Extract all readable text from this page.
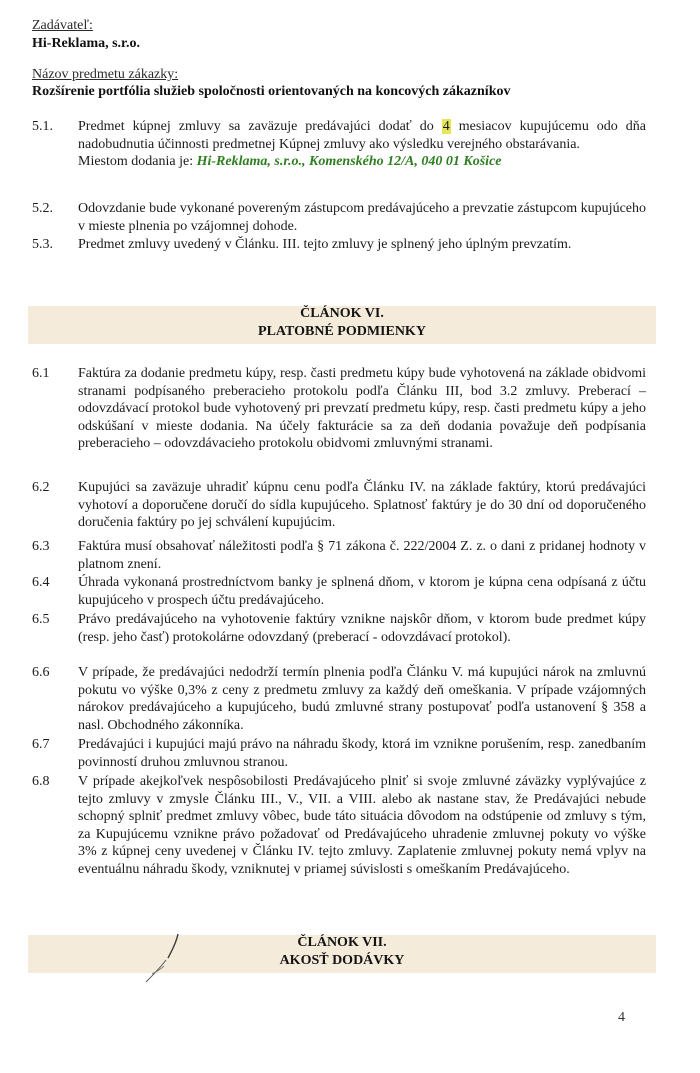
Zadávateľ:
Hi-Reklama, s.r.o.
Názov predmetu zákazky:
Rozšírenie portfólia služieb spoločnosti orientovaných na koncových zákazníkov
5.1.	Predmet kúpnej zmluvy sa zaväzuje predávajúci dodať do 4 mesiacov kupujúcemu odo dňa nadobudnutia účinnosti predmetnej Kúpnej zmluvy ako výsledku verejného obstarávania.

Miestom dodania je: Hi-Reklama, s.r.o., Komenského 12/A, 040 01 Košice

5.2.	Odovzdanie bude vykonané povereným zástupcom predávajúceho a prevzatie zástupcom kupujúceho v mieste plnenia po vzájomnej dohode.
5.3.	Predmet zmluvy uvedený v Článku. III. tejto zmluvy je splnený jeho úplným prevzatím.
ČLÁNOK VI.
PLATOBNÉ PODMIENKY
6.1	Faktúra za dodanie predmetu kúpy, resp. časti predmetu kúpy bude vyhotovená na základe obidvomi stranami podpísaného preberacieho protokolu podľa Článku III, bod 3.2 zmluvy. Preberací – odovzdávací protokol bude vyhotovený pri prevzatí predmetu kúpy, resp. časti predmetu kúpy a jeho odskúšaní v mieste dodania. Na účely fakturácie sa za deň dodania považuje deň podpísania preberacieho – odovzdávacieho protokolu obidvomi zmluvnými stranami.
6.2	Kupujúci sa zaväzuje uhradiť kúpnu cenu podľa Článku IV. na základe faktúry, ktorú predávajúci vyhotoví a doporučene doručí do sídla kupujúceho. Splatnosť faktúry je do 30 dní od doporučeného doručenia faktúry po jej schválení kupujúcim.
6.3	Faktúra musí obsahovať náležitosti podľa § 71 zákona č. 222/2004 Z. z. o dani z pridanej hodnoty v platnom znení.
6.4	Úhrada vykonaná prostredníctvom banky je splnená dňom, v ktorom je kúpna cena odpísaná z účtu kupujúceho v prospech účtu predávajúceho.
6.5	Právo predávajúceho na vyhotovenie faktúry vznikne najskôr dňom, v ktorom bude predmet kúpy (resp. jeho časť) protokolárne odovzdaný (preberací - odovzdávací protokol).
6.6	V prípade, že predávajúci nedodrží termín plnenia podľa Článku V. má kupujúci nárok na zmluvnú pokutu vo výške 0,3% z ceny z predmetu zmluvy za každý deň omeškania. V prípade vzájomných nárokov predávajúceho a kupujúceho, budú zmluvné strany postupovať podľa ustanovení § 358 a nasl. Obchodného zákonníka.
6.7	Predávajúci i kupujúci majú právo na náhradu škody, ktorá im vznikne porušením, resp. zanedbaním povinností druhou zmluvnou stranou.
6.8	V prípade akejkoľvek nespôsobilosti Predávajúceho plniť si svoje zmluvné záväzky vyplývajúce z tejto zmluvy v zmysle Článku III., V., VII. a VIII. alebo ak nastane stav, že Predávajúci nebude schopný splniť predmet zmluvy vôbec, bude táto situácia dôvodom na odstúpenie od zmluvy s tým, za Kupujúcemu vznikne právo požadovať od Predávajúceho uhradenie zmluvnej pokuty vo výške 3% z kúpnej ceny uvedenej v Článku IV. tejto zmluvy. Zaplatenie zmluvnej pokuty nemá vplyv na eventuálnu náhradu škody, vzniknutej v priamej súvislosti s omeškaním Predávajúceho.
ČLÁNOK VII.
AKOSŤ DODÁVKY
4
